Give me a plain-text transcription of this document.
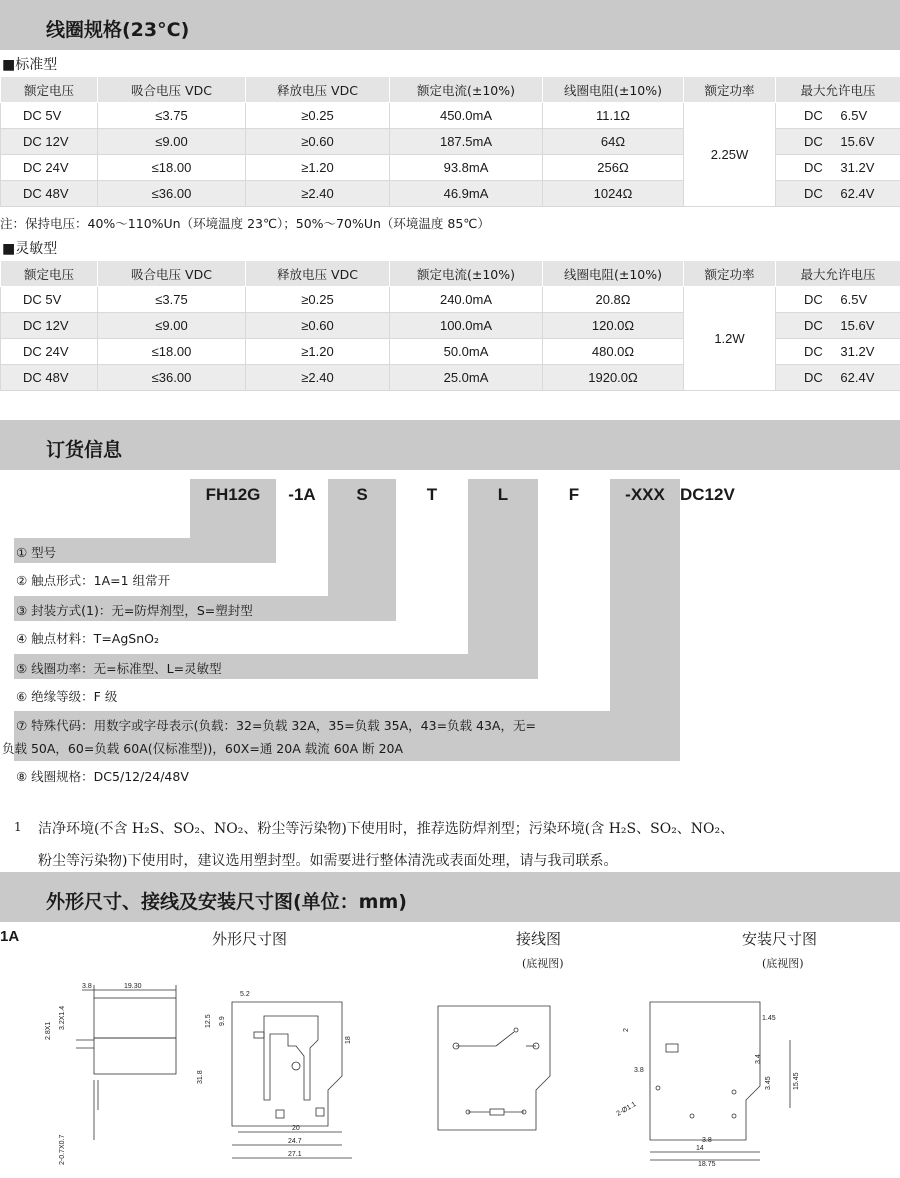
线圈规格(23°C)
■标准型
额定电压	吸合电压 VDC	释放电压 VDC	额定电流(±10%)	线圈电阻(±10%)	额定功率	最大允许电压
DC 5V	≤3.75	≥0.25	450.0mA	11.1Ω	2.25W	DC 6.5V
DC 12V	≤9.00	≥0.60	187.5mA	64Ω		DC 15.6V
DC 24V	≤18.00	≥1.20	93.8mA	256Ω		DC 31.2V
DC 48V	≤36.00	≥2.40	46.9mA	1024Ω		DC 62.4V
注：保持电压：40%～110%Un（环境温度 23℃）；50%～70%Un（环境温度 85℃）
■灵敏型
额定电压	吸合电压 VDC	释放电压 VDC	额定电流(±10%)	线圈电阻(±10%)	额定功率	最大允许电压
DC 5V	≤3.75	≥0.25	240.0mA	20.8Ω	1.2W	DC 6.5V
DC 12V	≤9.00	≥0.60	100.0mA	120.0Ω		DC 15.6V
DC 24V	≤18.00	≥1.20	50.0mA	480.0Ω		DC 31.2V
DC 48V	≤36.00	≥2.40	25.0mA	1920.0Ω		DC 62.4V
订货信息
FH12G	-1A	S	T	L	F	-XXX DC12V
① 型号
② 触点形式：1A=1 组常开
③ 封装方式(1)：无=防焊剂型，S=塑封型
④ 触点材料：T=AgSnO₂
⑤ 线圈功率：无=标准型、L=灵敏型
⑥ 绝缘等级：F 级
⑦ 特殊代码：用数字或字母表示(负载：32=负载 32A，35=负载 35A，43=负载 43A，无=
负载 50A，60=负载 60A(仅标准型))，60X=通 20A 载流 60A 断 20A
⑧ 线圈规格：DC5/12/24/48V
1 洁净环境(不含 H₂S、SO₂、NO₂、粉尘等污染物)下使用时，推荐选防焊剂型；污染环境(含 H₂S、SO₂、NO₂、
粉尘等污染物)下使用时，建议选用塑封型。如需要进行整体清洗或表面处理，请与我司联系。
外形尺寸、接线及安装尺寸图(单位：mm)
1A	外形尺寸图	接线图
(底视图)
安装尺寸图
(底视图)
3.8	19.30
3.2X1.4
2.8X1
2-0.7X0.7
5.2
12.5 9.9
31.8
18
20
24.7
27.1
2
1.45
3.4
3.8
3.45	15.45
2-Ø1.1
3.8
14
18.75
